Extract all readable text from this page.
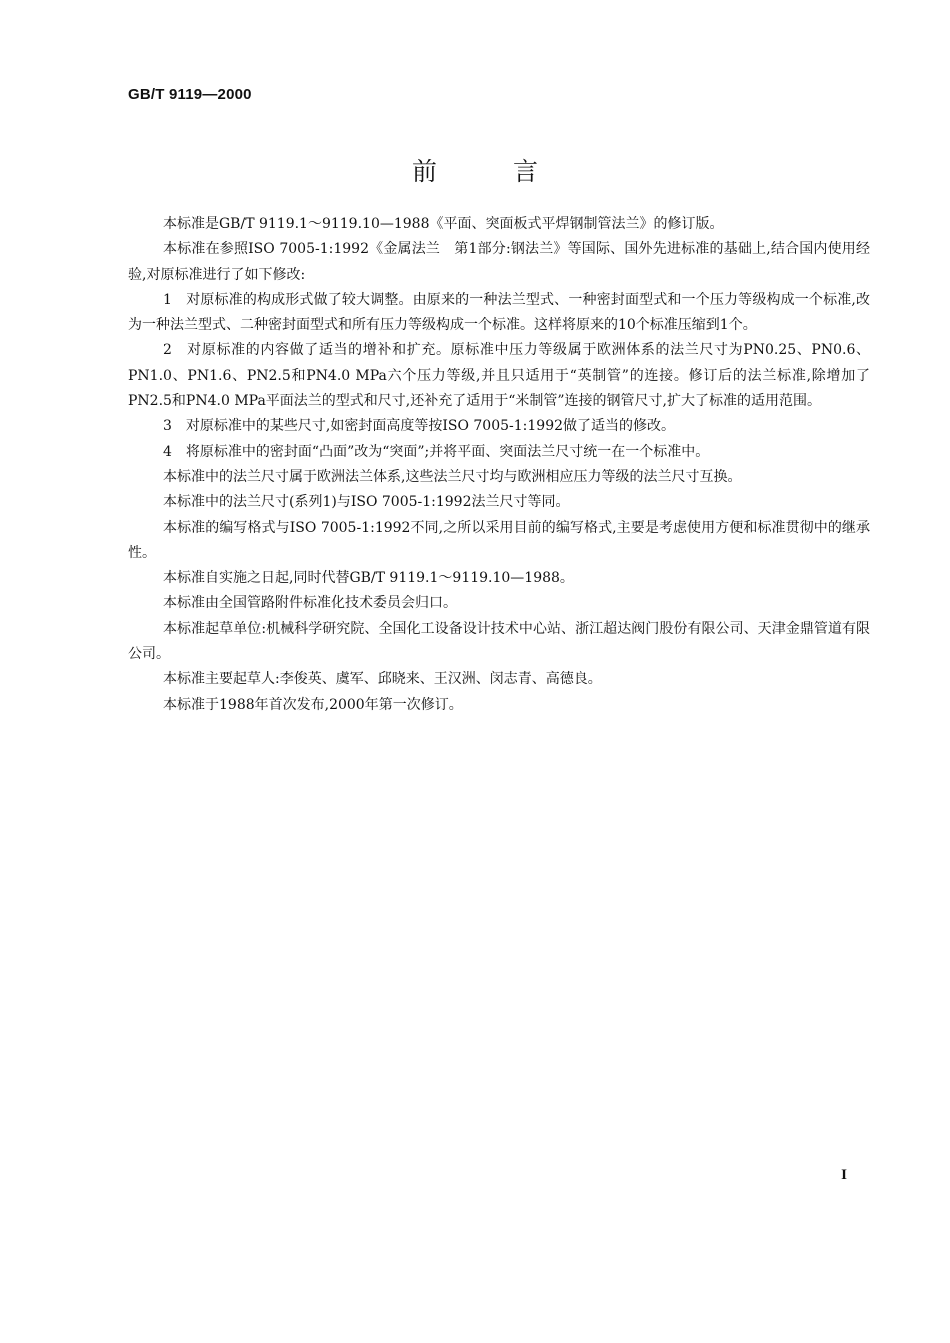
GB/T 9119—2000
前	言

本标准是GB/T 9119.1～9119.10—1988《平面、突面板式平焊钢制管法兰》的修订版。

本标准在参照ISO 7005-1:1992《金属法兰　第1部分:钢法兰》等国际、国外先进标准的基础上,结合国内使用经验,对原标准进行了如下修改:

1　对原标准的构成形式做了较大调整。由原来的一种法兰型式、一种密封面型式和一个压力等级构成一个标准,改为一种法兰型式、二种密封面型式和所有压力等级构成一个标准。这样将原来的10个标准压缩到1个。

2　对原标准的内容做了适当的增补和扩充。原标准中压力等级属于欧洲体系的法兰尺寸为PN0.25、PN0.6、PN1.0、PN1.6、PN2.5和PN4.0 MPa六个压力等级,并且只适用于“英制管”的连接。修订后的法兰标准,除增加了PN2.5和PN4.0 MPa平面法兰的型式和尺寸,还补充了适用于“米制管”连接的钢管尺寸,扩大了标准的适用范围。

3　对原标准中的某些尺寸,如密封面高度等按ISO 7005-1:1992做了适当的修改。

4　将原标准中的密封面“凸面”改为“突面”;并将平面、突面法兰尺寸统一在一个标准中。

本标准中的法兰尺寸属于欧洲法兰体系,这些法兰尺寸均与欧洲相应压力等级的法兰尺寸互换。

本标准中的法兰尺寸(系列1)与ISO 7005-1:1992法兰尺寸等同。

本标准的编写格式与ISO 7005-1:1992不同,之所以采用目前的编写格式,主要是考虑使用方便和标准贯彻中的继承性。

本标准自实施之日起,同时代替GB/T 9119.1～9119.10—1988。

本标准由全国管路附件标准化技术委员会归口。

本标准起草单位:机械科学研究院、全国化工设备设计技术中心站、浙江超达阀门股份有限公司、天津金鼎管道有限公司。

本标准主要起草人:李俊英、虞军、邱晓来、王汉洲、闵志青、高德良。

本标准于1988年首次发布,2000年第一次修订。

I
